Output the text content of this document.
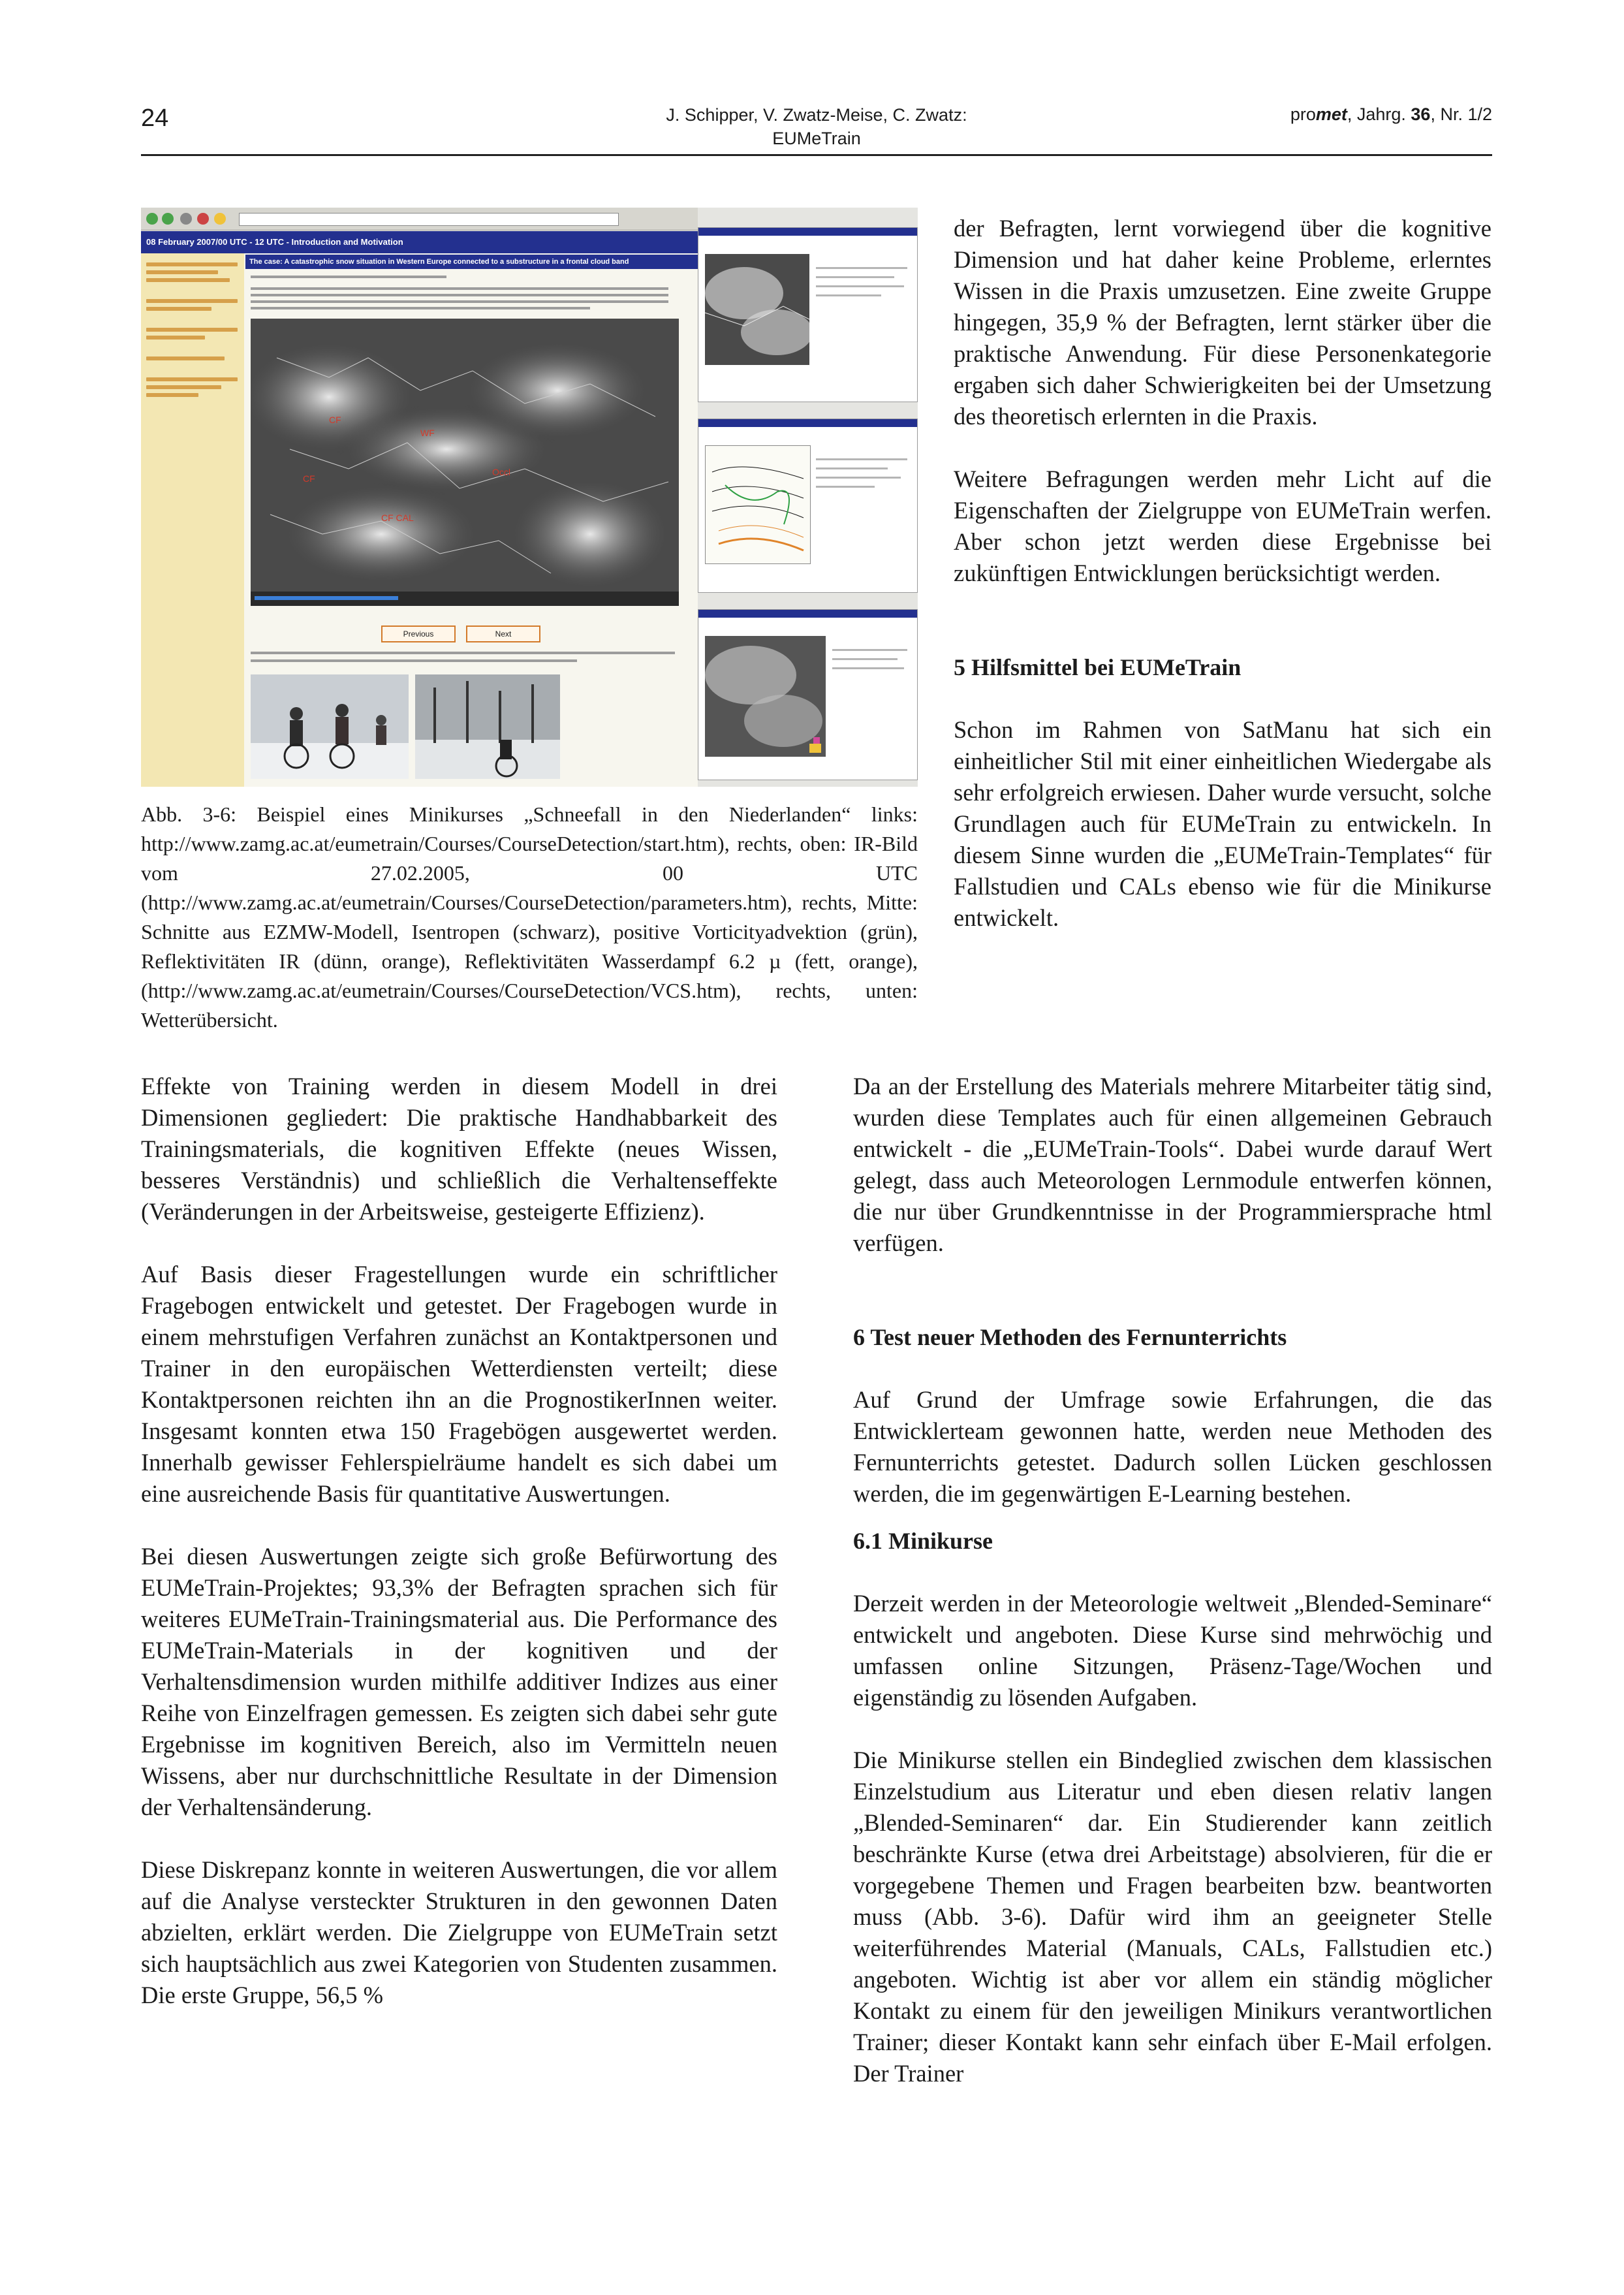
24	J. Schipper, V. Zwatz-Meise, C. Zwatz:
EUMeTrain
promet, Jahrg. 36, Nr. 1/2
08 February 2007/00 UTC - 12 UTC - Introduction and Motivation
The case: A catastrophic snow situation in Western Europe connected to a substructure in a frontal cloud band
CF
WF
Occl
CF
CF CAL
Previous	Next
Abb. 3-6: Beispiel eines Minikurses „Schneefall in den Niederlanden“ links: http://www.zamg.ac.at/eumetrain/Courses/CourseDetection/start.htm), rechts, oben: IR-Bild vom 27.02.2005, 00 UTC (http://www.zamg.ac.at/eumetrain/Courses/CourseDetection/parameters.htm), rechts, Mitte: Schnitte aus EZMW-Modell, Isentropen (schwarz), positive Vorticityadvektion (grün), Reflektivitäten IR (dünn, orange), Reflektivitäten Wasserdampf 6.2 µ (fett, orange), (http://www.zamg.ac.at/eumetrain/Courses/CourseDetection/VCS.htm), rechts, unten: Wetterübersicht.

der Befragten, lernt vorwiegend über die kognitive Dimension und hat daher keine Probleme, erlerntes Wissen in die Praxis umzusetzen. Eine zweite Gruppe hingegen, 35,9 % der Befragten, lernt stärker über die praktische Anwendung. Für diese Personenkategorie ergaben sich daher Schwierigkeiten bei der Umsetzung des theoretisch erlernten in die Praxis.

Weitere Befragungen werden mehr Licht auf die Eigenschaften der Zielgruppe von EUMeTrain werfen. Aber schon jetzt werden diese Ergebnisse bei zukünftigen Entwicklungen berücksichtigt werden.

5 Hilfsmittel bei EUMeTrain

Schon im Rahmen von SatManu hat sich ein einheitlicher Stil mit einer einheitlichen Wiedergabe als sehr erfolgreich erwiesen. Daher wurde versucht, solche Grundlagen auch für EUMeTrain zu entwickeln. In diesem Sinne wurden die „EUMeTrain-Templates“ für Fallstudien und CALs ebenso wie für die Minikurse entwickelt.

Effekte von Training werden in diesem Modell in drei Dimensionen gegliedert: Die praktische Handhabbarkeit des Trainingsmaterials, die kognitiven Effekte (neues Wissen, besseres Verständnis) und schließlich die Verhaltenseffekte (Veränderungen in der Arbeitsweise, gesteigerte Effizienz).

Auf Basis dieser Fragestellungen wurde ein schriftlicher Fragebogen entwickelt und getestet. Der Fragebogen wurde in einem mehrstufigen Verfahren zunächst an Kontaktpersonen und Trainer in den europäischen Wetterdiensten verteilt; diese Kontaktpersonen reichten ihn an die PrognostikerInnen weiter. Insgesamt konnten etwa 150 Fragebögen ausgewertet werden. Innerhalb gewisser Fehlerspielräume handelt es sich dabei um eine ausreichende Basis für quantitative Auswertungen.

Bei diesen Auswertungen zeigte sich große Befürwortung des EUMeTrain-Projektes; 93,3% der Befragten sprachen sich für weiteres EUMeTrain-Trainingsmaterial aus. Die Performance des EUMeTrain-Materials in der kognitiven und der Verhaltensdimension wurden mithilfe additiver Indizes aus einer Reihe von Einzelfragen gemessen. Es zeigten sich dabei sehr gute Ergebnisse im kognitiven Bereich, also im Vermitteln neuen Wissens, aber nur durchschnittliche Resultate in der Dimension der Verhaltensänderung.

Diese Diskrepanz konnte in weiteren Auswertungen, die vor allem auf die Analyse versteckter Strukturen in den gewonnen Daten abzielten, erklärt werden. Die Zielgruppe von EUMeTrain setzt sich hauptsächlich aus zwei Kategorien von Studenten zusammen. Die erste Gruppe, 56,5 %

Da an der Erstellung des Materials mehrere Mitarbeiter tätig sind, wurden diese Templates auch für einen allgemeinen Gebrauch entwickelt - die „EUMeTrain-Tools“. Dabei wurde darauf Wert gelegt, dass auch Meteorologen Lernmodule entwerfen können, die nur über Grundkenntnisse in der Programmiersprache html verfügen.

6 Test neuer Methoden des Fernunterrichts

Auf Grund der Umfrage sowie Erfahrungen, die das Entwicklerteam gewonnen hatte, werden neue Methoden des Fernunterrichts getestet. Dadurch sollen Lücken geschlossen werden, die im gegenwärtigen E-Learning bestehen.

6.1 Minikurse

Derzeit werden in der Meteorologie weltweit „Blended-Seminare“ entwickelt und angeboten. Diese Kurse sind mehrwöchig und umfassen online Sitzungen, Präsenz-Tage/Wochen und eigenständig zu lösenden Aufgaben.

Die Minikurse stellen ein Bindeglied zwischen dem klassischen Einzelstudium aus Literatur und eben diesen relativ langen „Blended-Seminaren“ dar. Ein Studierender kann zeitlich beschränkte Kurse (etwa drei Arbeitstage) absolvieren, für die er vorgegebene Themen und Fragen bearbeiten bzw. beantworten muss (Abb. 3-6). Dafür wird ihm an geeigneter Stelle weiterführendes Material (Manuals, CALs, Fallstudien etc.) angeboten. Wichtig ist aber vor allem ein ständig möglicher Kontakt zu einem für den jeweiligen Minikurs verantwortlichen Trainer; dieser Kontakt kann sehr einfach über E-Mail erfolgen. Der Trainer
